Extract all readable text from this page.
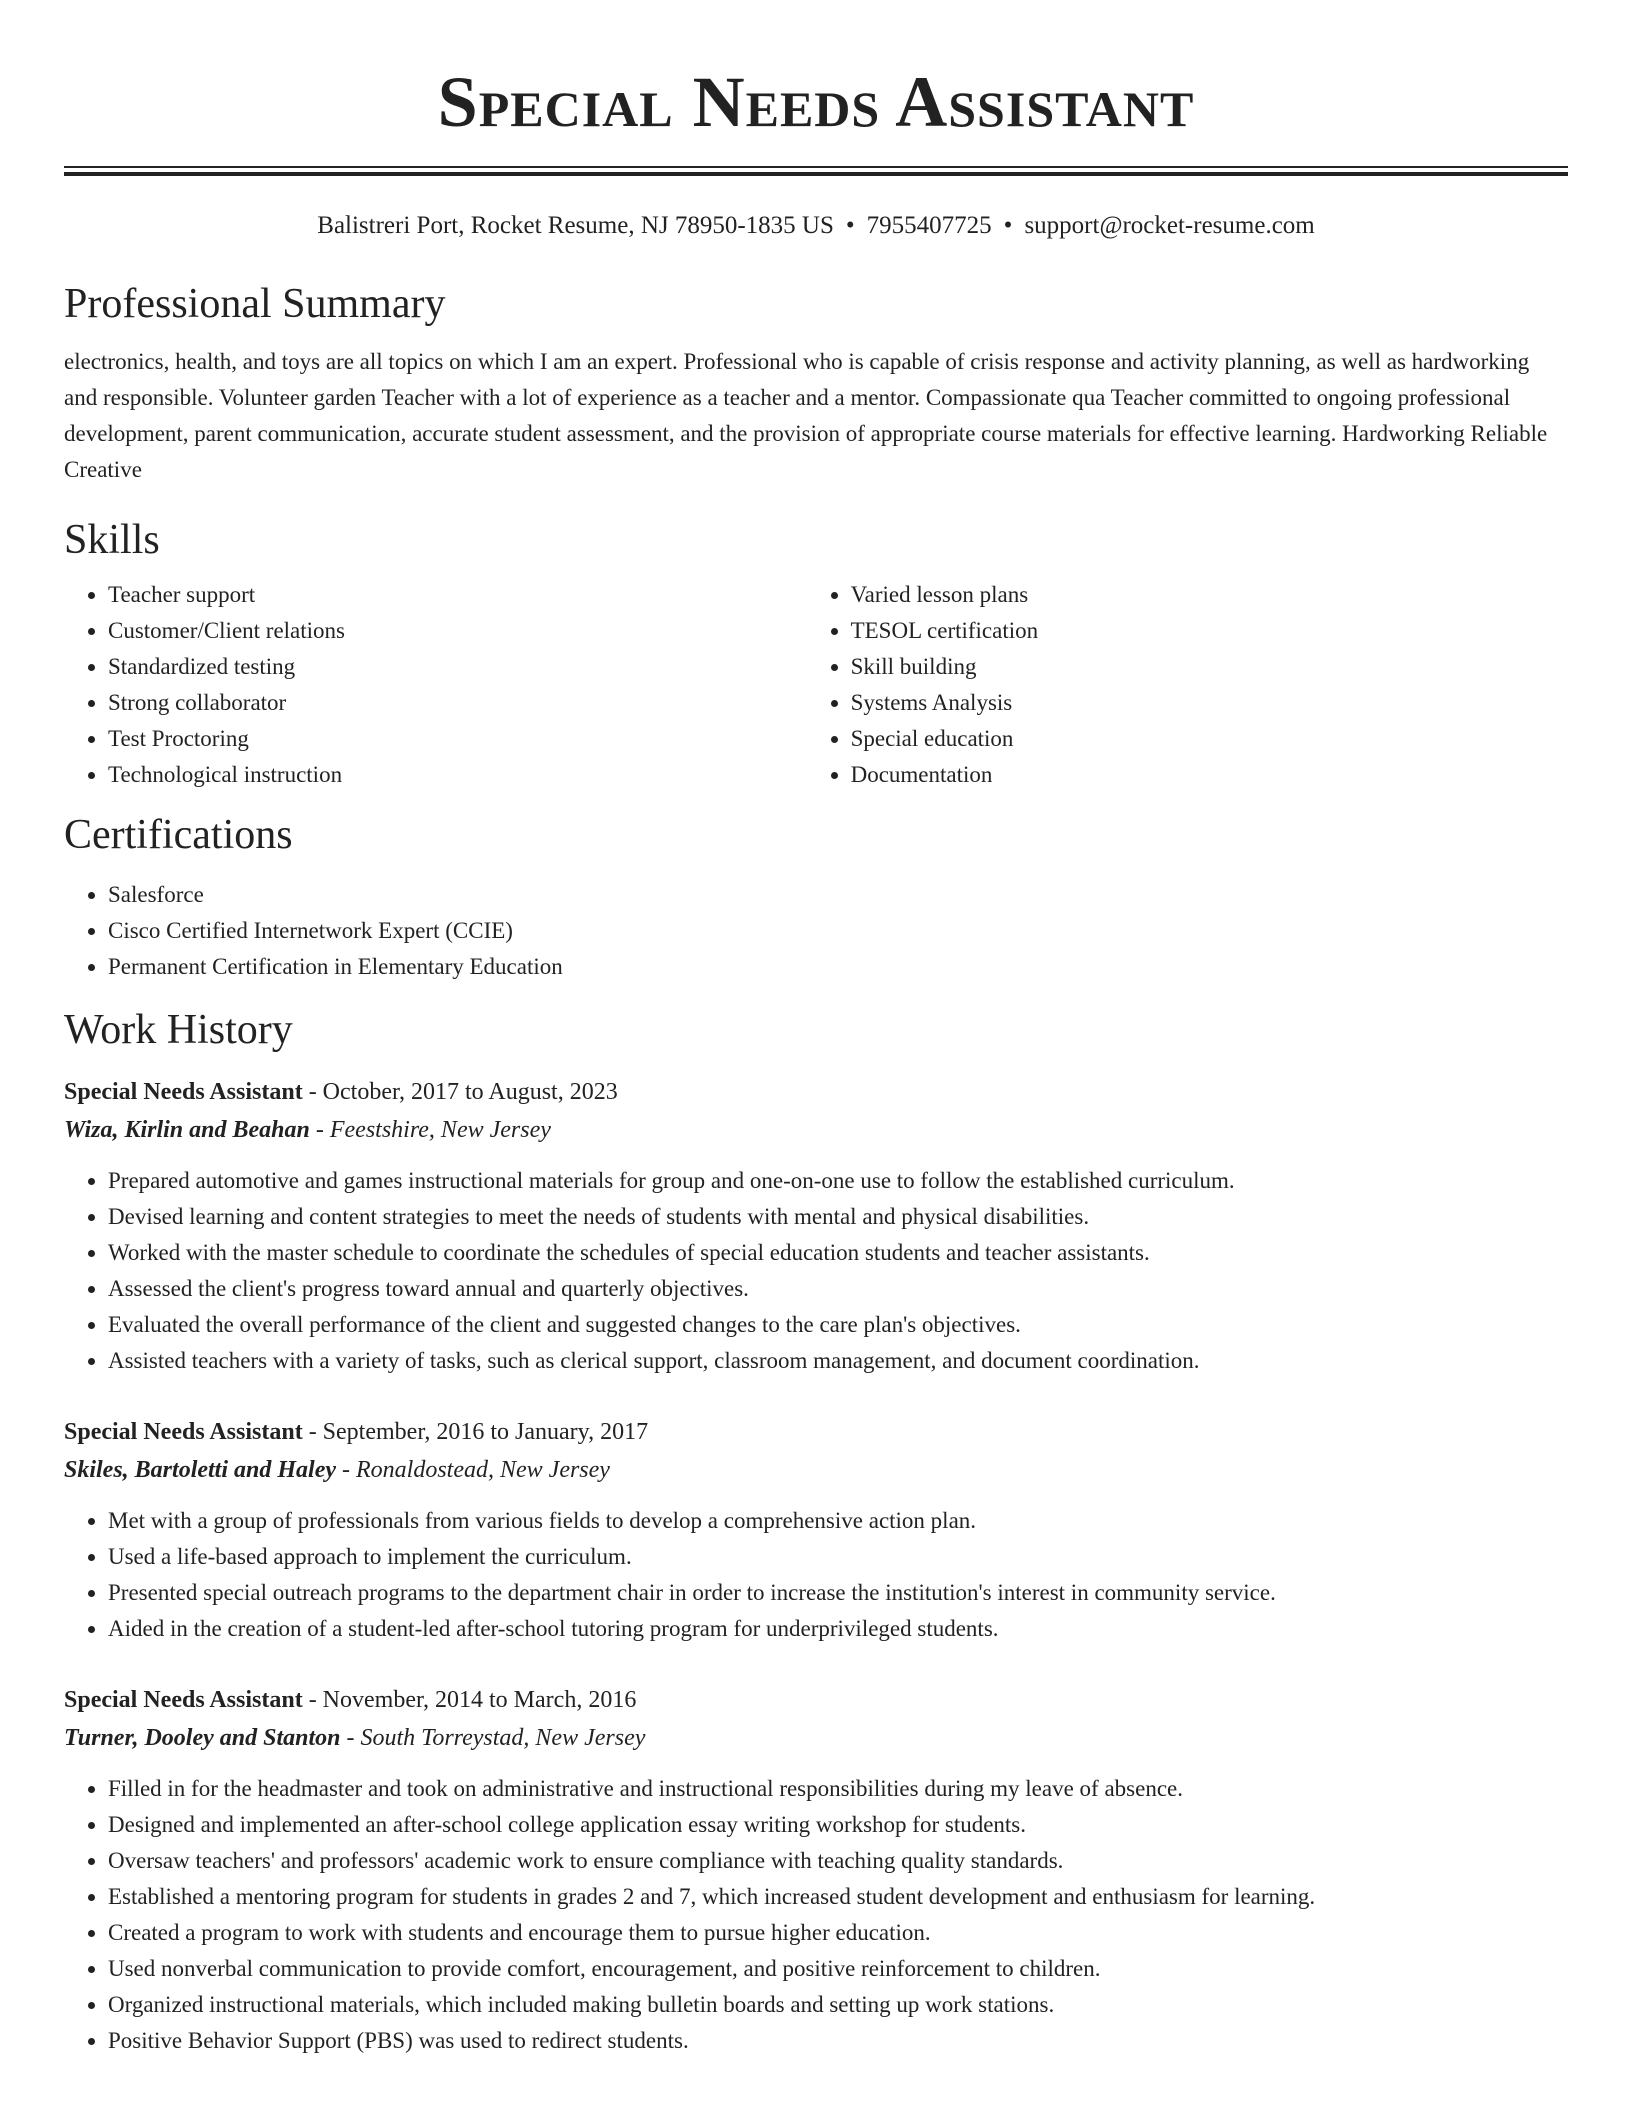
Special Needs Assistant
Balistreri Port, Rocket Resume, NJ 78950-1835 US • 7955407725 • support@rocket-resume.com
Professional Summary
electronics, health, and toys are all topics on which I am an expert. Professional who is capable of crisis response and activity planning, as well as hardworking and responsible. Volunteer garden Teacher with a lot of experience as a teacher and a mentor. Compassionate qua Teacher committed to ongoing professional development, parent communication, accurate student assessment, and the provision of appropriate course materials for effective learning. Hardworking Reliable Creative
Skills
• Teacher support
• Customer/Client relations
• Standardized testing
• Strong collaborator
• Test Proctoring
• Technological instruction
• Varied lesson plans
• TESOL certification
• Skill building
• Systems Analysis
• Special education
• Documentation
Certifications
• Salesforce
• Cisco Certified Internetwork Expert (CCIE)
• Permanent Certification in Elementary Education
Work History
Special Needs Assistant - October, 2017 to August, 2023
Wiza, Kirlin and Beahan - Feestshire, New Jersey
• Prepared automotive and games instructional materials for group and one-on-one use to follow the established curriculum.
• Devised learning and content strategies to meet the needs of students with mental and physical disabilities.
• Worked with the master schedule to coordinate the schedules of special education students and teacher assistants.
• Assessed the client's progress toward annual and quarterly objectives.
• Evaluated the overall performance of the client and suggested changes to the care plan's objectives.
• Assisted teachers with a variety of tasks, such as clerical support, classroom management, and document coordination.
Special Needs Assistant - September, 2016 to January, 2017
Skiles, Bartoletti and Haley - Ronaldostead, New Jersey
• Met with a group of professionals from various fields to develop a comprehensive action plan.
• Used a life-based approach to implement the curriculum.
• Presented special outreach programs to the department chair in order to increase the institution's interest in community service.
• Aided in the creation of a student-led after-school tutoring program for underprivileged students.
Special Needs Assistant - November, 2014 to March, 2016
Turner, Dooley and Stanton - South Torreystad, New Jersey
• Filled in for the headmaster and took on administrative and instructional responsibilities during my leave of absence.
• Designed and implemented an after-school college application essay writing workshop for students.
• Oversaw teachers' and professors' academic work to ensure compliance with teaching quality standards.
• Established a mentoring program for students in grades 2 and 7, which increased student development and enthusiasm for learning.
• Created a program to work with students and encourage them to pursue higher education.
• Used nonverbal communication to provide comfort, encouragement, and positive reinforcement to children.
• Organized instructional materials, which included making bulletin boards and setting up work stations.
• Positive Behavior Support (PBS) was used to redirect students.
